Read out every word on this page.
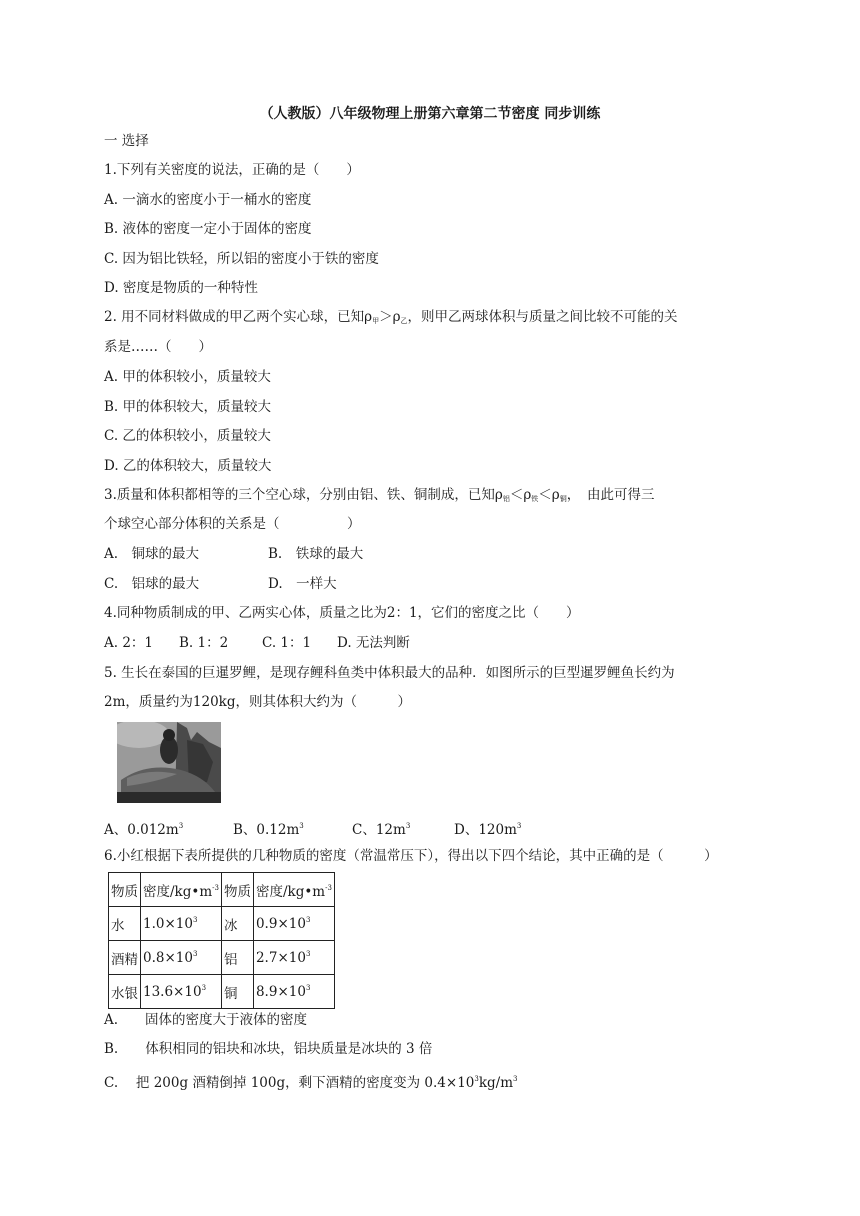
（人教版）八年级物理上册第六章第二节密度 同步训练
一 选择
1.下列有关密度的说法，正确的是（　　）
A. 一滴水的密度小于一桶水的密度
B. 液体的密度一定小于固体的密度
C. 因为铝比铁轻，所以铝的密度小于铁的密度
D. 密度是物质的一种特性
2. 用不同材料做成的甲乙两个实心球，已知$\rho_甲>\rho_乙$，则甲乙两球体积与质量之间比较不可能的关
系是……（　　）
A. 甲的体积较小，质量较大
B. 甲的体积较大，质量较大
C. 乙的体积较小，质量较大
D. 乙的体积较大，质量较大
3.质量和体积都相等的三个空心球，分别由铝、铁、铜制成，已知$\rho_铝<\rho_铁<\rho_铜$，　由此可得三
个球空心部分体积的关系是（　　　　　）
A.　铜球的最大	B.　铁球的最大
C.　铝球的最大	D.　一样大
4.同种物质制成的甲、乙两实心体，质量之比为2：1，它们的密度之比（　　）
A. 2：1 B. 1：2	C. 1：1 D. 无法判断
5. 生长在泰国的巨暹罗鲤，是现存鲤科鱼类中体积最大的品种．如图所示的巨型暹罗鲤鱼长约为
2m，质量约为120kg，则其体积大约为（　　　）
A、$0.012m^3$	B、$0.12m^3$	C、$12m^3$	D、$120m^3$
6.小红根据下表所提供的几种物质的密度（常温常压下），得出以下四个结论，其中正确的是（　　　）
物质	密度$/kg•m^{-3}$	物质	密度$/kg•m^{-3}$
水	$1.0\times 10^3$	冰	$0.9\times 10^3$
酒精	$0.8\times 10^3$	铝	$2.7\times 10^3$
水银	$13.6\times 10^3$	铜	$8.9\times 10^3$
A.　　固体的密度大于液体的密度
B.　　体积相同的铝块和冰块，铝块质量是冰块的 3 倍
C.　 把 200g 酒精倒掉 100g，剩下酒精的密度变为 $0.4\times 10^3kg/m^3$
